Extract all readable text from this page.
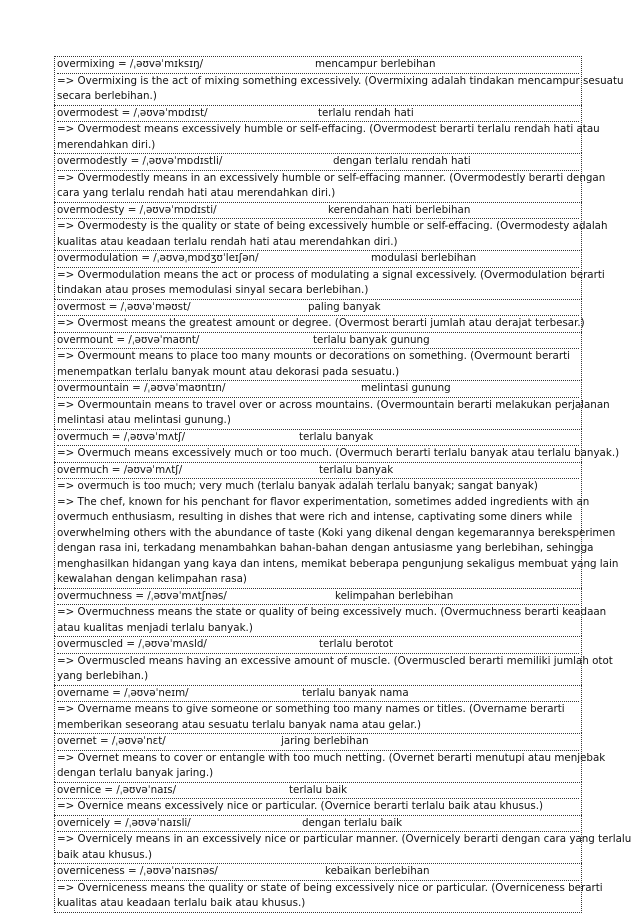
overmixing = /ˌəʊvəˈmɪksɪŋ/	mencampur berlebihan
=> Overmixing is the act of mixing something excessively. (Overmixing adalah tindakan mencampur sesuatu
secara berlebihan.)
overmodest = /ˌəʊvəˈmɒdɪst/	terlalu rendah hati
=> Overmodest means excessively humble or self-effacing. (Overmodest berarti terlalu rendah hati atau
merendahkan diri.)
overmodestly = /ˌəʊvəˈmɒdɪstli/	dengan terlalu rendah hati
=> Overmodestly means in an excessively humble or self-effacing manner. (Overmodestly berarti dengan
cara yang terlalu rendah hati atau merendahkan diri.)
overmodesty = /ˌəʊvəˈmɒdɪsti/	kerendahan hati berlebihan
=> Overmodesty is the quality or state of being excessively humble or self-effacing. (Overmodesty adalah
kualitas atau keadaan terlalu rendah hati atau merendahkan diri.)
overmodulation = /ˌəʊvəˌmɒdʒʊˈleɪʃən/	modulasi berlebihan
=> Overmodulation means the act or process of modulating a signal excessively. (Overmodulation berarti
tindakan atau proses memodulasi sinyal secara berlebihan.)
overmost = /ˌəʊvəˈməʊst/	paling banyak
=> Overmost means the greatest amount or degree. (Overmost berarti jumlah atau derajat terbesar.)
overmount = /ˌəʊvəˈmaʊnt/	terlalu banyak gunung
=> Overmount means to place too many mounts or decorations on something. (Overmount berarti
menempatkan terlalu banyak mount atau dekorasi pada sesuatu.)
overmountain = /ˌəʊvəˈmaʊntɪn/	melintasi gunung
=> Overmountain means to travel over or across mountains. (Overmountain berarti melakukan perjalanan
melintasi atau melintasi gunung.)
overmuch = /ˌəʊvəˈmʌtʃ/	terlalu banyak
=> Overmuch means excessively much or too much. (Overmuch berarti terlalu banyak atau terlalu banyak.)
overmuch = /əʊvəˈmʌtʃ/	terlalu banyak
=> overmuch is too much; very much (terlalu banyak adalah terlalu banyak; sangat banyak)
=> The chef, known for his penchant for flavor experimentation, sometimes added ingredients with an
overmuch enthusiasm, resulting in dishes that were rich and intense, captivating some diners while
overwhelming others with the abundance of taste (Koki yang dikenal dengan kegemarannya bereksperimen
dengan rasa ini, terkadang menambahkan bahan-bahan dengan antusiasme yang berlebihan, sehingga
menghasilkan hidangan yang kaya dan intens, memikat beberapa pengunjung sekaligus membuat yang lain
kewalahan dengan kelimpahan rasa)
overmuchness = /ˌəʊvəˈmʌtʃnəs/	kelimpahan berlebihan
=> Overmuchness means the state or quality of being excessively much. (Overmuchness berarti keadaan
atau kualitas menjadi terlalu banyak.)
overmuscled = /ˌəʊvəˈmʌsld/	terlalu berotot
=> Overmuscled means having an excessive amount of muscle. (Overmuscled berarti memiliki jumlah otot
yang berlebihan.)
overname = /ˌəʊvəˈneɪm/	terlalu banyak nama
=> Overname means to give someone or something too many names or titles. (Overname berarti
memberikan seseorang atau sesuatu terlalu banyak nama atau gelar.)
overnet = /ˌəʊvəˈnɛt/	jaring berlebihan
=> Overnet means to cover or entangle with too much netting. (Overnet berarti menutupi atau menjebak
dengan terlalu banyak jaring.)
overnice = /ˌəʊvəˈnaɪs/	terlalu baik
=> Overnice means excessively nice or particular. (Overnice berarti terlalu baik atau khusus.)
overnicely = /ˌəʊvəˈnaɪsli/	dengan terlalu baik
=> Overnicely means in an excessively nice or particular manner. (Overnicely berarti dengan cara yang terlalu
baik atau khusus.)
overniceness = /ˌəʊvəˈnaɪsnəs/	kebaikan berlebihan
=> Overniceness means the quality or state of being excessively nice or particular. (Overniceness berarti
kualitas atau keadaan terlalu baik atau khusus.)
